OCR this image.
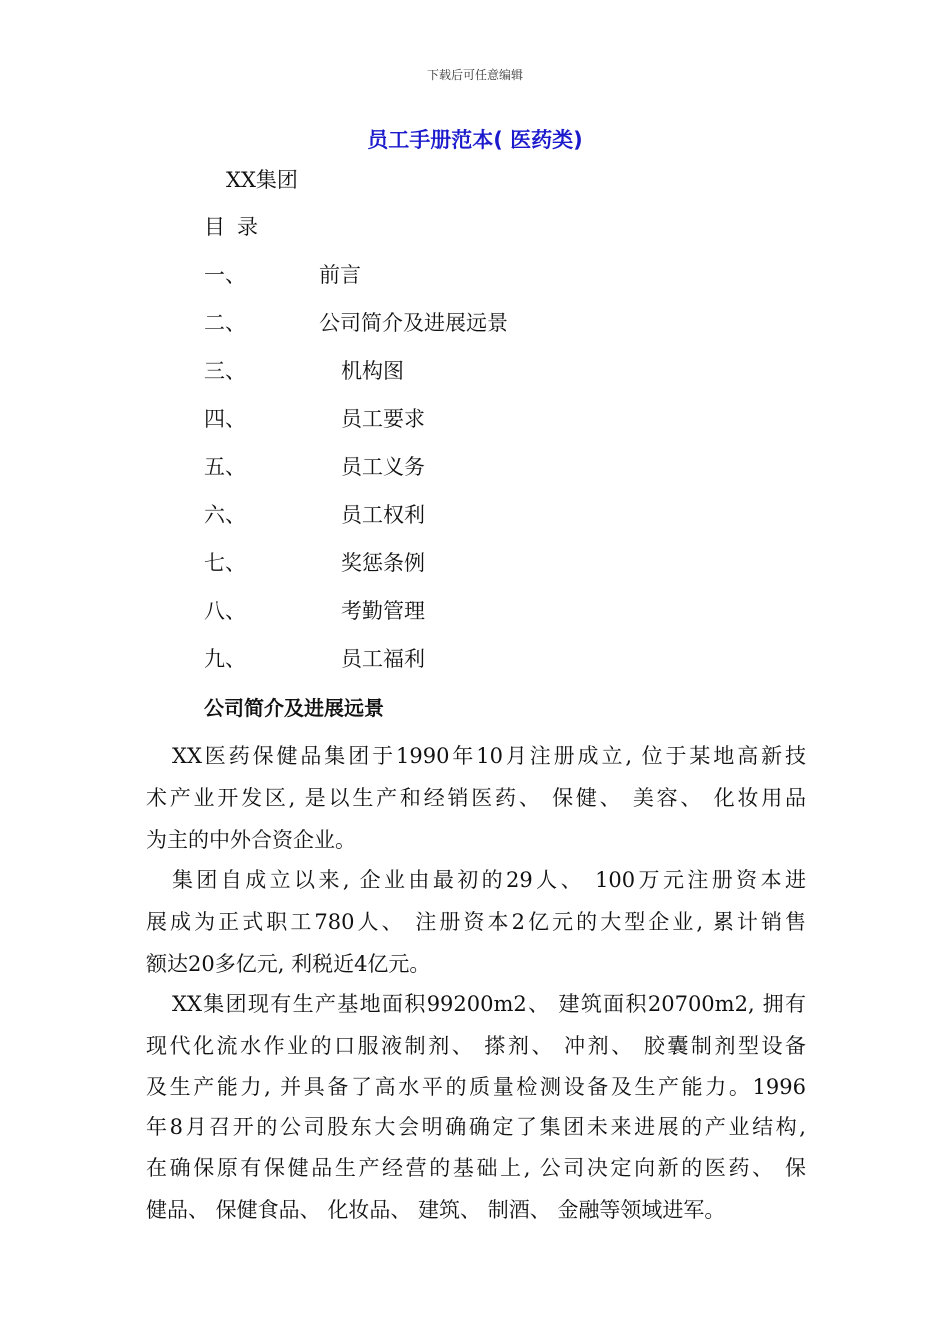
下载后可任意编辑
员工手册范本( 医药类)
XX集团
目录
一、	前言
二、	公司简介及进展远景
三、	机构图
四、	员工要求
五、	员工义务
六、	员工权利
七、	奖惩条例
八、	考勤管理
九、	员工福利
公司简介及进展远景
XX医药保健品集团于1990年10月注册成立, 位于某地高新技
术产业开发区, 是以生产和经销医药、 保健、 美容、 化妆用品
为主的中外合资企业。
集团自成立以来, 企业由最初的29人、 100万元注册资本进
展成为正式职工780人、 注册资本2亿元的大型企业, 累计销售
额达20多亿元, 利税近4亿元。
XX集团现有生产基地面积99200m2、 建筑面积20700m2, 拥有
现代化流水作业的口服液制剂、 搽剂、 冲剂、 胶囊制剂型设备
及生产能力, 并具备了高水平的质量检测设备及生产能力。1996
年8月召开的公司股东大会明确确定了集团未来进展的产业结构,
在确保原有保健品生产经营的基础上, 公司决定向新的医药、 保
健品、 保健食品、 化妆品、 建筑、 制酒、 金融等领域进军。
